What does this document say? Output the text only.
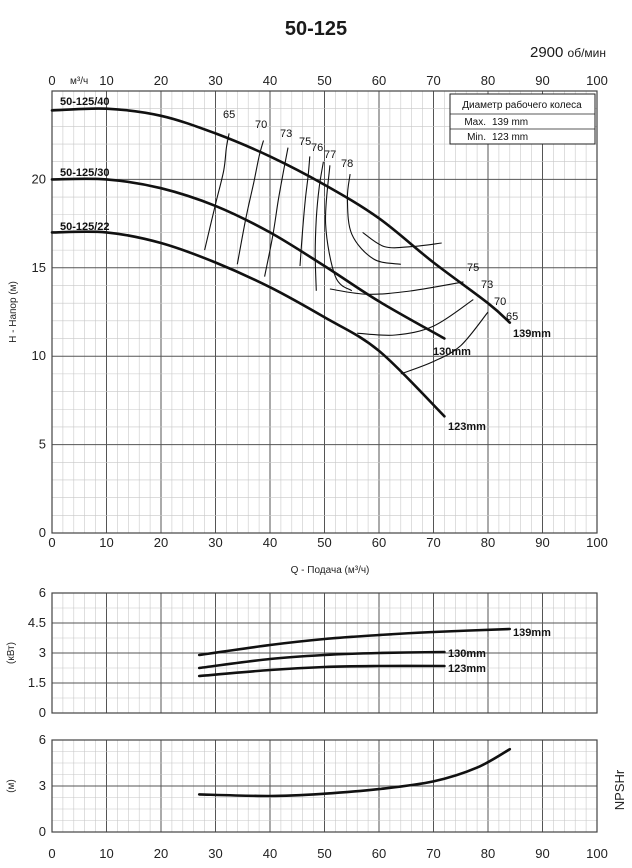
50-125
2900 об/мин
0	10
10
20
20
30
30
40
40
50
50
60
60
70
70
80
80
90
90
100
100
0 м³/ч
0
5
10
15
20
Q - Подача (м³/ч)
H - Напор (м)
50-125/40
50-125/30
50-125/22
139mm
130mm
123mm
65
70
73
75 76
77
78
75
73
70
65
Диаметр рабочего колеса
Max. 139 mm
Min. 123 mm
0
1.5
3
4.5
6
(кВт)
139mm
130mm
123mm
0
3
6
0	10	20	30	40	50	60	70	80	90	100
(м)	NPSHr
